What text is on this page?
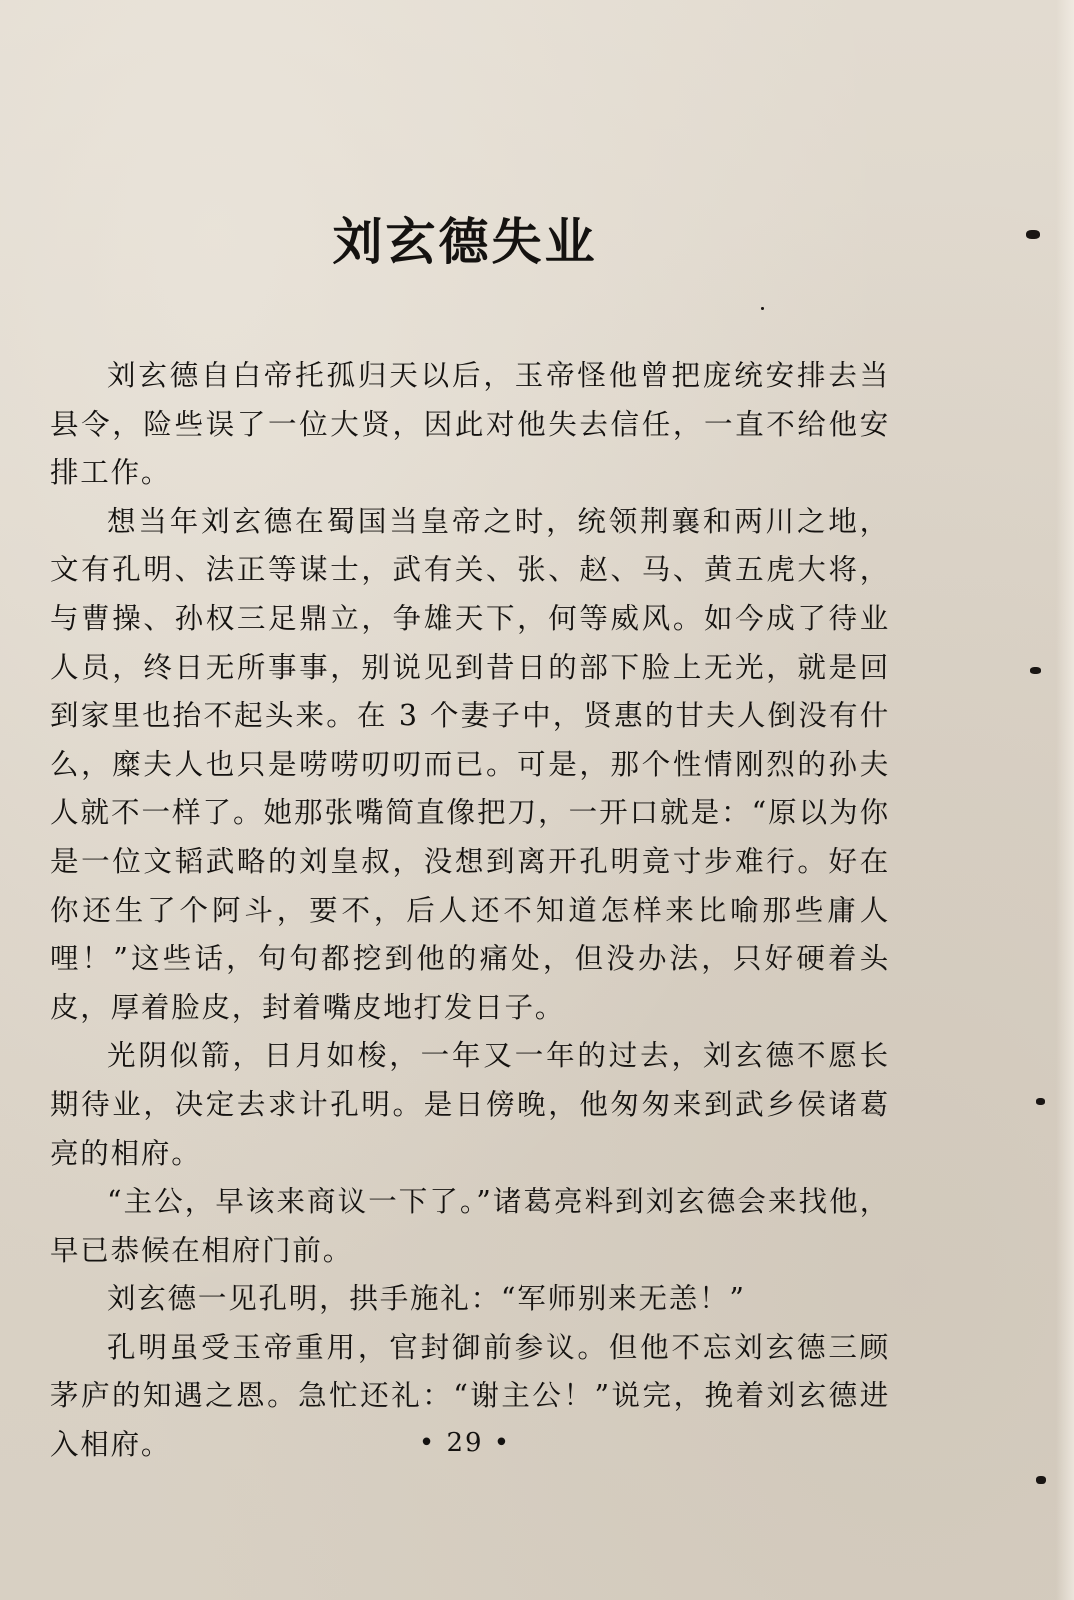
刘玄德失业

刘玄德自白帝托孤归天以后，玉帝怪他曾把庞统安排去当县令，险些误了一位大贤，因此对他失去信任，一直不给他安排工作。

想当年刘玄德在蜀国当皇帝之时，统领荆襄和两川之地，文有孔明、法正等谋士，武有关、张、赵、马、黄五虎大将，与曹操、孙权三足鼎立，争雄天下，何等威风。如今成了待业人员，终日无所事事，别说见到昔日的部下脸上无光，就是回到家里也抬不起头来。在 3 个妻子中，贤惠的甘夫人倒没有什么，糜夫人也只是唠唠叨叨而已。可是，那个性情刚烈的孙夫人就不一样了。她那张嘴简直像把刀，一开口就是：“原以为你是一位文韬武略的刘皇叔，没想到离开孔明竟寸步难行。好在你还生了个阿斗，要不，后人还不知道怎样来比喻那些庸人哩！”这些话，句句都挖到他的痛处，但没办法，只好硬着头皮，厚着脸皮，封着嘴皮地打发日子。

光阴似箭，日月如梭，一年又一年的过去，刘玄德不愿长期待业，决定去求计孔明。是日傍晚，他匆匆来到武乡侯诸葛亮的相府。

“主公，早该来商议一下了。”诸葛亮料到刘玄德会来找他，早已恭候在相府门前。

刘玄德一见孔明，拱手施礼：“军师别来无恙！”

孔明虽受玉帝重用，官封御前参议。但他不忘刘玄德三顾茅庐的知遇之恩。急忙还礼：“谢主公！”说完，挽着刘玄德进入相府。	• 29 •
